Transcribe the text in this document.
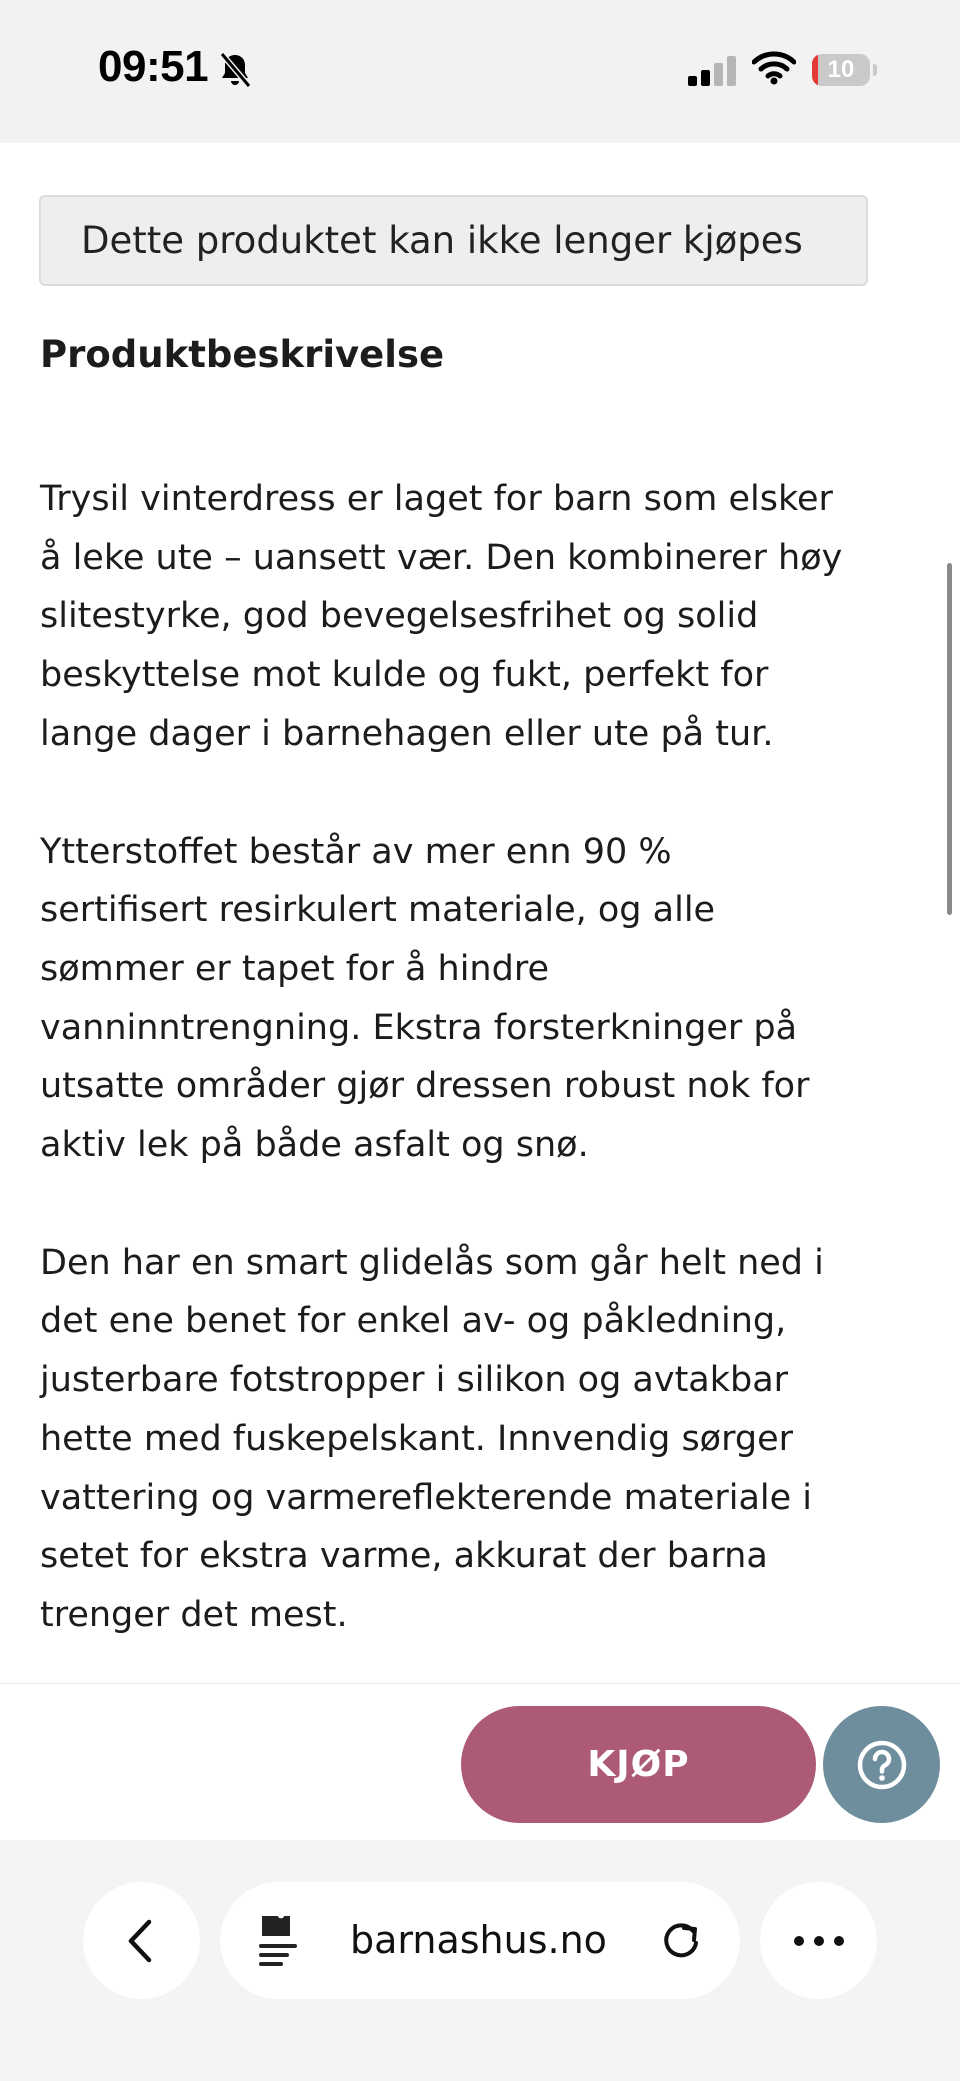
09:51	10
Dette produktet kan ikke lenger kjøpes
Produktbeskrivelse

Trysil vinterdress er laget for barn som elsker
å leke ute – uansett vær. Den kombinerer høy
slitestyrke, god bevegelsesfrihet og solid
beskyttelse mot kulde og fukt, perfekt for
lange dager i barnehagen eller ute på tur.

Ytterstoffet består av mer enn 90 %
sertifisert resirkulert materiale, og alle
sømmer er tapet for å hindre
vanninntrengning. Ekstra forsterkninger på
utsatte områder gjør dressen robust nok for
aktiv lek på både asfalt og snø.

Den har en smart glidelås som går helt ned i
det ene benet for enkel av- og påkledning,
justerbare fotstropper i silikon og avtakbar
hette med fuskepelskant. Innvendig sørger
vattering og varmereflekterende materiale i
setet for ekstra varme, akkurat der barna
trenger det mest.

KJØP
barnashus.no
